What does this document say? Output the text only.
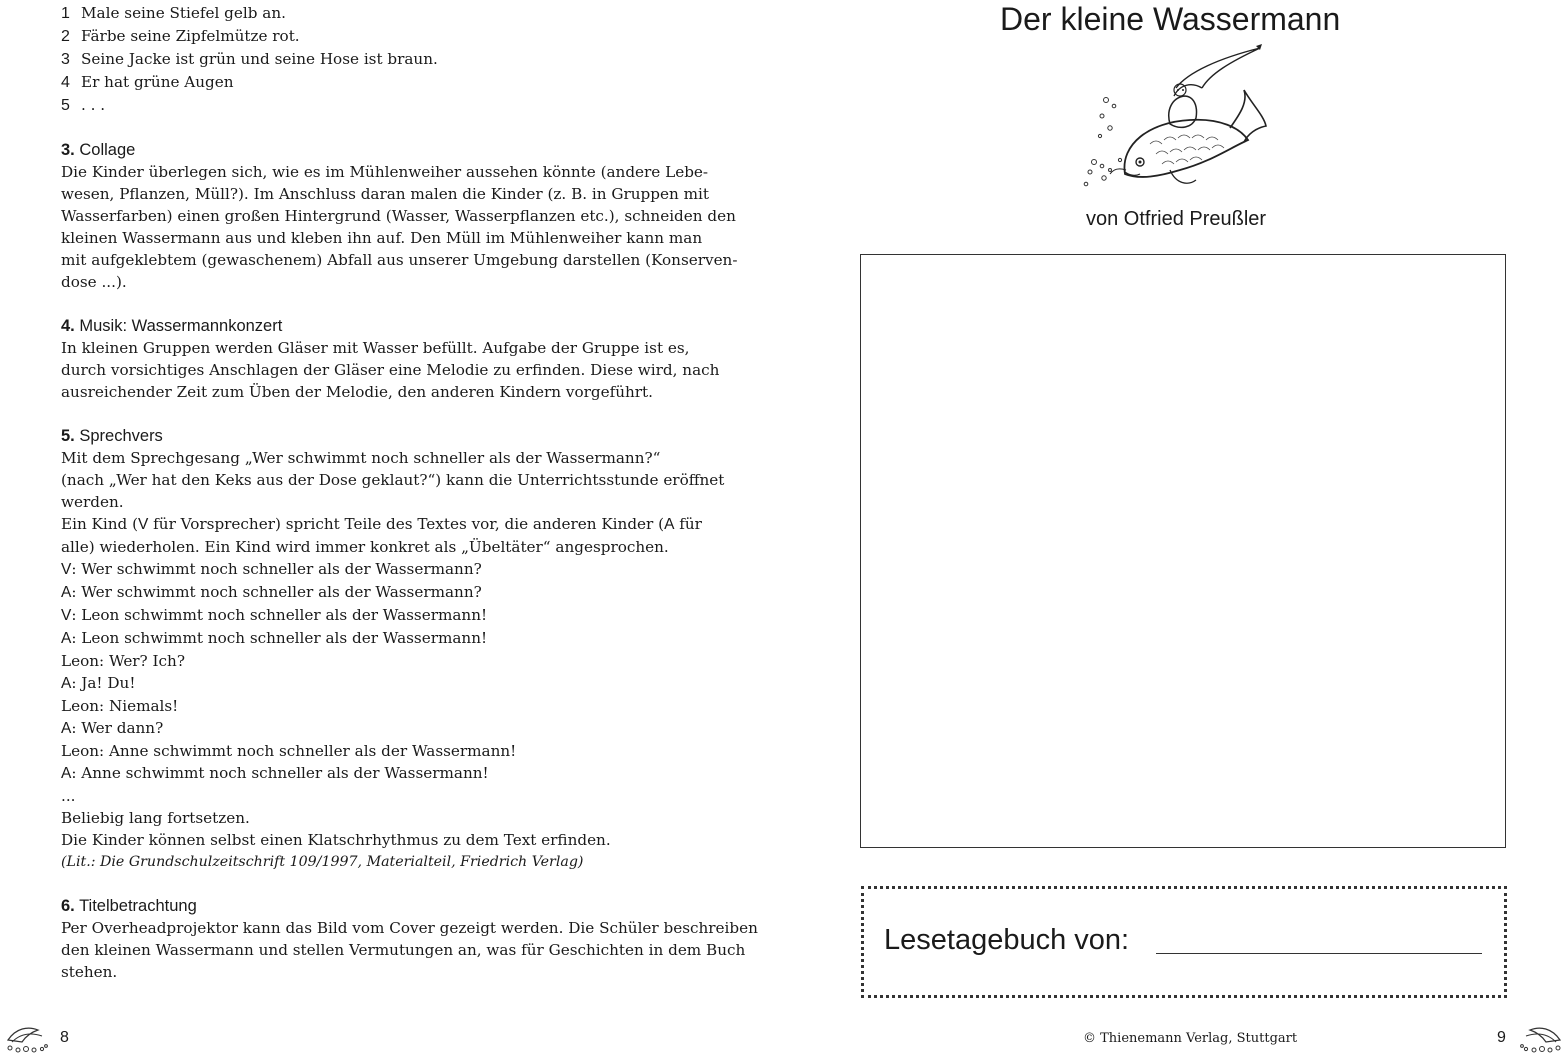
1 Male seine Stiefel gelb an.
2 Färbe seine Zipfelmütze rot.
3 Seine Jacke ist grün und seine Hose ist braun.
4 Er hat grüne Augen
5 . . .

3. Collage

Die Kinder überlegen sich, wie es im Mühlenweiher aussehen könnte (andere Lebe-

wesen, Pflanzen, Müll?). Im Anschluss daran malen die Kinder (z. B. in Gruppen mit

Wasserfarben) einen großen Hintergrund (Wasser, Wasserpflanzen etc.), schneiden den

kleinen Wassermann aus und kleben ihn auf. Den Müll im Mühlenweiher kann man

mit aufgeklebtem (gewaschenem) Abfall aus unserer Umgebung darstellen (Konserven-

dose ...).

4. Musik: Wassermannkonzert

In kleinen Gruppen werden Gläser mit Wasser befüllt. Aufgabe der Gruppe ist es,

durch vorsichtiges Anschlagen der Gläser eine Melodie zu erfinden. Diese wird, nach

ausreichender Zeit zum Üben der Melodie, den anderen Kindern vorgeführt.

5. Sprechvers

Mit dem Sprechgesang „Wer schwimmt noch schneller als der Wassermann?“

(nach „Wer hat den Keks aus der Dose geklaut?“) kann die Unterrichtsstunde eröffnet

werden.

Ein Kind (V für Vorsprecher) spricht Teile des Textes vor, die anderen Kinder (A für

alle) wiederholen. Ein Kind wird immer konkret als „Übeltäter“ angesprochen.

V: Wer schwimmt noch schneller als der Wassermann?

A: Wer schwimmt noch schneller als der Wassermann?

V: Leon schwimmt noch schneller als der Wassermann!

A: Leon schwimmt noch schneller als der Wassermann!

Leon: Wer? Ich?

A: Ja! Du!

Leon: Niemals!

A: Wer dann?

Leon: Anne schwimmt noch schneller als der Wassermann!

A: Anne schwimmt noch schneller als der Wassermann!

...

Beliebig lang fortsetzen.

Die Kinder können selbst einen Klatschrhythmus zu dem Text erfinden.

(Lit.: Die Grundschulzeitschrift 109/1997, Materialteil, Friedrich Verlag)

6. Titelbetrachtung

Per Overheadprojektor kann das Bild vom Cover gezeigt werden. Die Schüler beschreiben

den kleinen Wassermann und stellen Vermutungen an, was für Geschichten in dem Buch

stehen.

8
Der kleine Wassermann
von Otfried Preußler
Lesetagebuch von:
© Thienemann Verlag, Stuttgart	9
